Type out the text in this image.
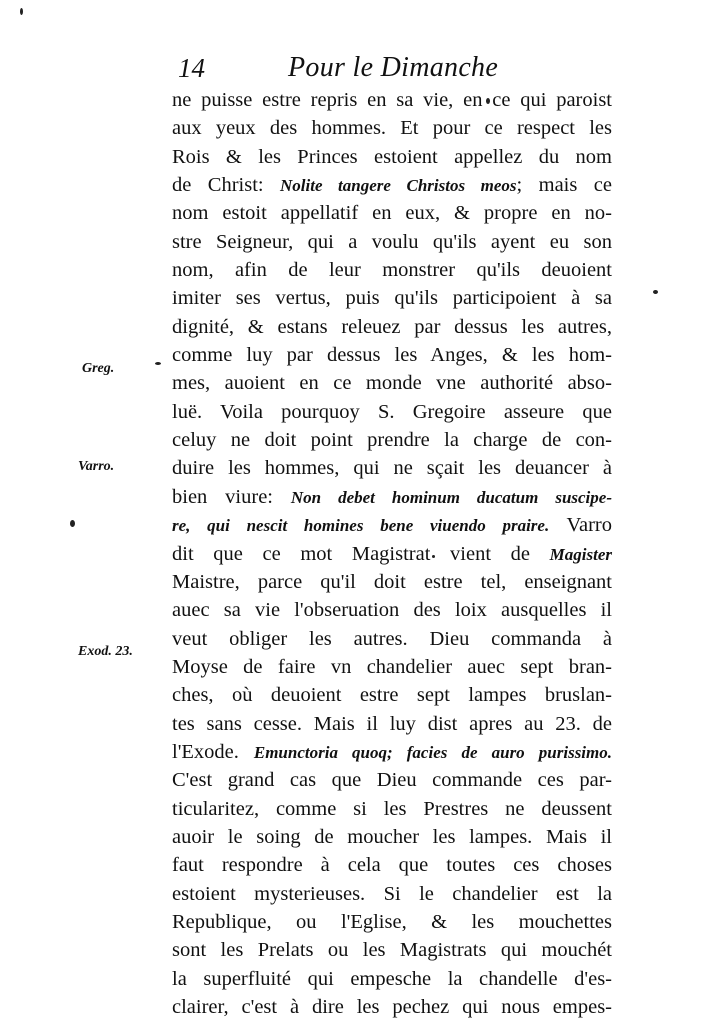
14	Pour le Dimanche
Greg.
Varro.
Exod. 23.
ne puisse estre repris en sa vie, en ce qui paroist
aux yeux des hommes. Et pour ce respect les
Rois & les Princes estoient appellez du nom
de Christ: Nolite tangere Christos meos; mais ce
nom estoit appellatif en eux, & propre en no-
stre Seigneur, qui a voulu qu'ils ayent eu son
nom, afin de leur monstrer qu'ils deuoient
imiter ses vertus, puis qu'ils participoient à sa
dignité, & estans releuez par dessus les autres,
comme luy par dessus les Anges, & les hom-
mes, auoient en ce monde vne authorité abso-
luë. Voila pourquoy S. Gregoire asseure que
celuy ne doit point prendre la charge de con-
duire les hommes, qui ne sçait les deuancer à
bien viure: Non debet hominum ducatum suscipe-
re, qui nescit homines bene viuendo praire. Varro
dit que ce mot Magistrat vient de Magister
Maistre, parce qu'il doit estre tel, enseignant
auec sa vie l'obseruation des loix ausquelles il
veut obliger les autres. Dieu commanda à
Moyse de faire vn chandelier auec sept bran-
ches, où deuoient estre sept lampes bruslan-
tes sans cesse. Mais il luy dist apres au 23. de
l'Exode. Emunctoria quoq; facies de auro purissimo.
C'est grand cas que Dieu commande ces par-
ticularitez, comme si les Prestres ne deussent
auoir le soing de moucher les lampes. Mais il
faut respondre à cela que toutes ces choses
estoient mysterieuses. Si le chandelier est la
Republique, ou l'Eglise, & les mouchettes
sont les Prelats ou les Magistrats qui mouchét
la superfluité qui empesche la chandelle d'es-
clairer, c'est à dire les pechez qui nous empes-
